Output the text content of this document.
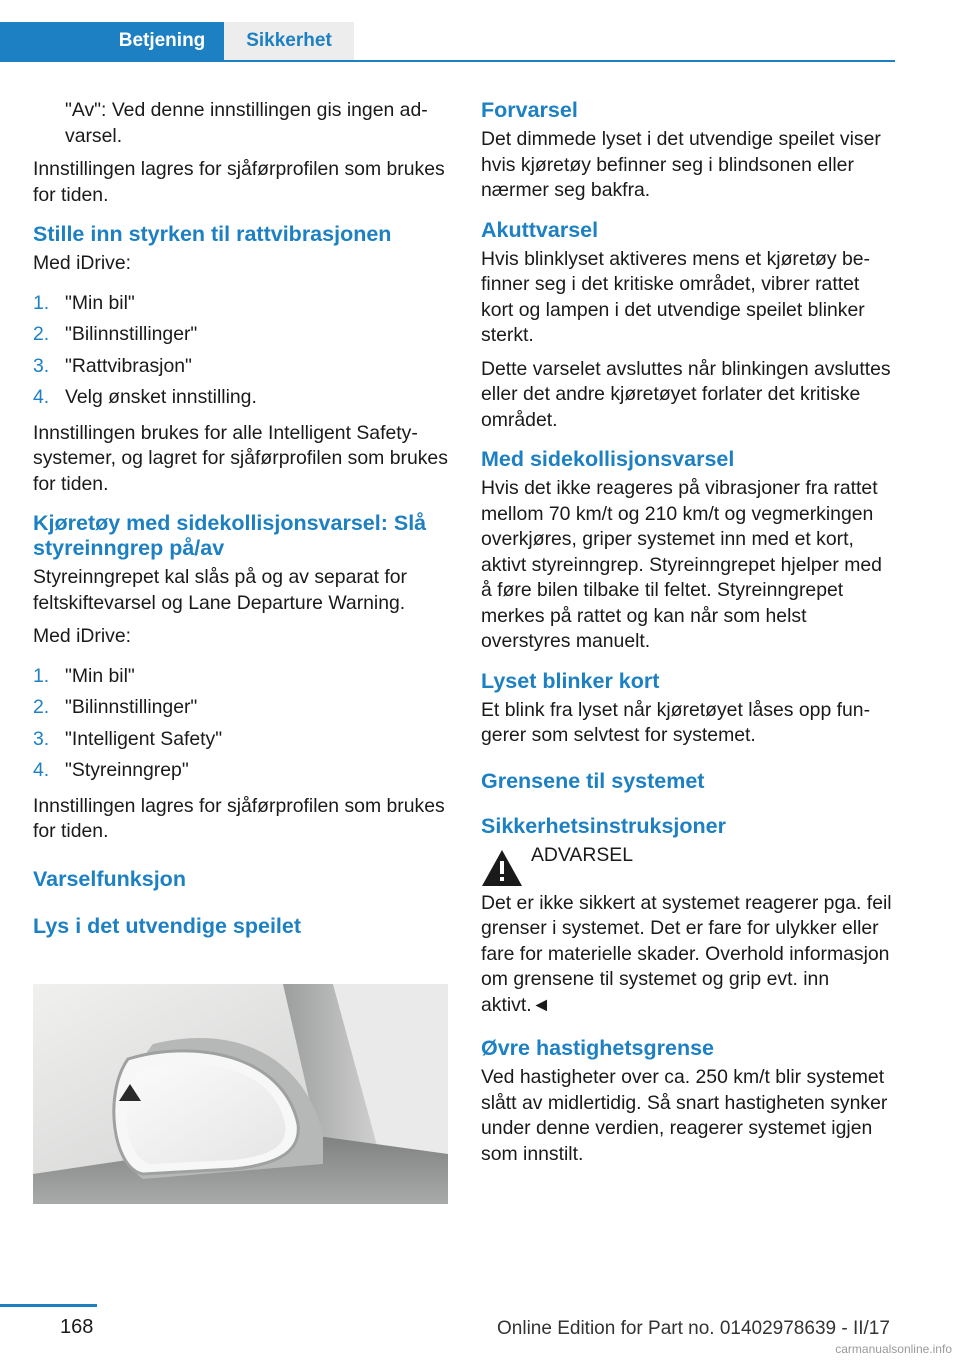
Betjening Sikkerhet

"Av": Ved denne innstillingen gis ingen advarsel.

Innstillingen lagres for sjåførprofilen som brukes for tiden.

Stille inn styrken til rattvibrasjonen

Med iDrive:

1. "Min bil"
2. "Bilinnstillinger"
3. "Rattvibrasjon"
4. Velg ønsket innstilling.

Innstillingen brukes for alle Intelligent Safety-systemer, og lagret for sjåførprofilen som brukes for tiden.

Kjøretøy med sidekollisjonsvarsel: Slå styreinngrep på/av

Styreinngrepet kal slås på og av separat for feltskiftevarsel og Lane Departure Warning.

Med iDrive:

1. "Min bil"
2. "Bilinnstillinger"
3. "Intelligent Safety"
4. "Styreinngrep"

Innstillingen lagres for sjåførprofilen som brukes for tiden.

Varselfunksjon
Lys i det utvendige speilet
Forvarsel

Det dimmede lyset i det utvendige speilet viser hvis kjøretøy befinner seg i blindsonen eller nærmer seg bakfra.

Akuttvarsel

Hvis blinklyset aktiveres mens et kjøretøy befinner seg i det kritiske området, vibrer rattet kort og lampen i det utvendige speilet blinker sterkt.

Dette varselet avsluttes når blinkingen avsluttes eller det andre kjøretøyet forlater det kritiske området.

Med sidekollisjonsvarsel

Hvis det ikke reageres på vibrasjoner fra rattet mellom 70 km/t og 210 km/t og vegmerkingen overkjøres, griper systemet inn med et kort, aktivt styreinngrep. Styreinngrepet hjelper med å føre bilen tilbake til feltet. Styreinngrepet merkes på rattet og kan når som helst overstyres manuelt.

Lyset blinker kort

Et blink fra lyset når kjøretøyet låses opp fungerer som selvtest for systemet.

Grensene til systemet
Sikkerhetsinstruksjoner
ADVARSEL

Det er ikke sikkert at systemet reagerer pga. feil grenser i systemet. Det er fare for ulykker eller fare for materielle skader. Overhold informasjon om grensene til systemet og grip evt. inn aktivt.◄

Øvre hastighetsgrense

Ved hastigheter over ca. 250 km/t blir systemet slått av midlertidig. Så snart hastigheten synker under denne verdien, reagerer systemet igjen som innstilt.

168	Online Edition for Part no. 01402978639 - II/17
carmanualsonline.info
